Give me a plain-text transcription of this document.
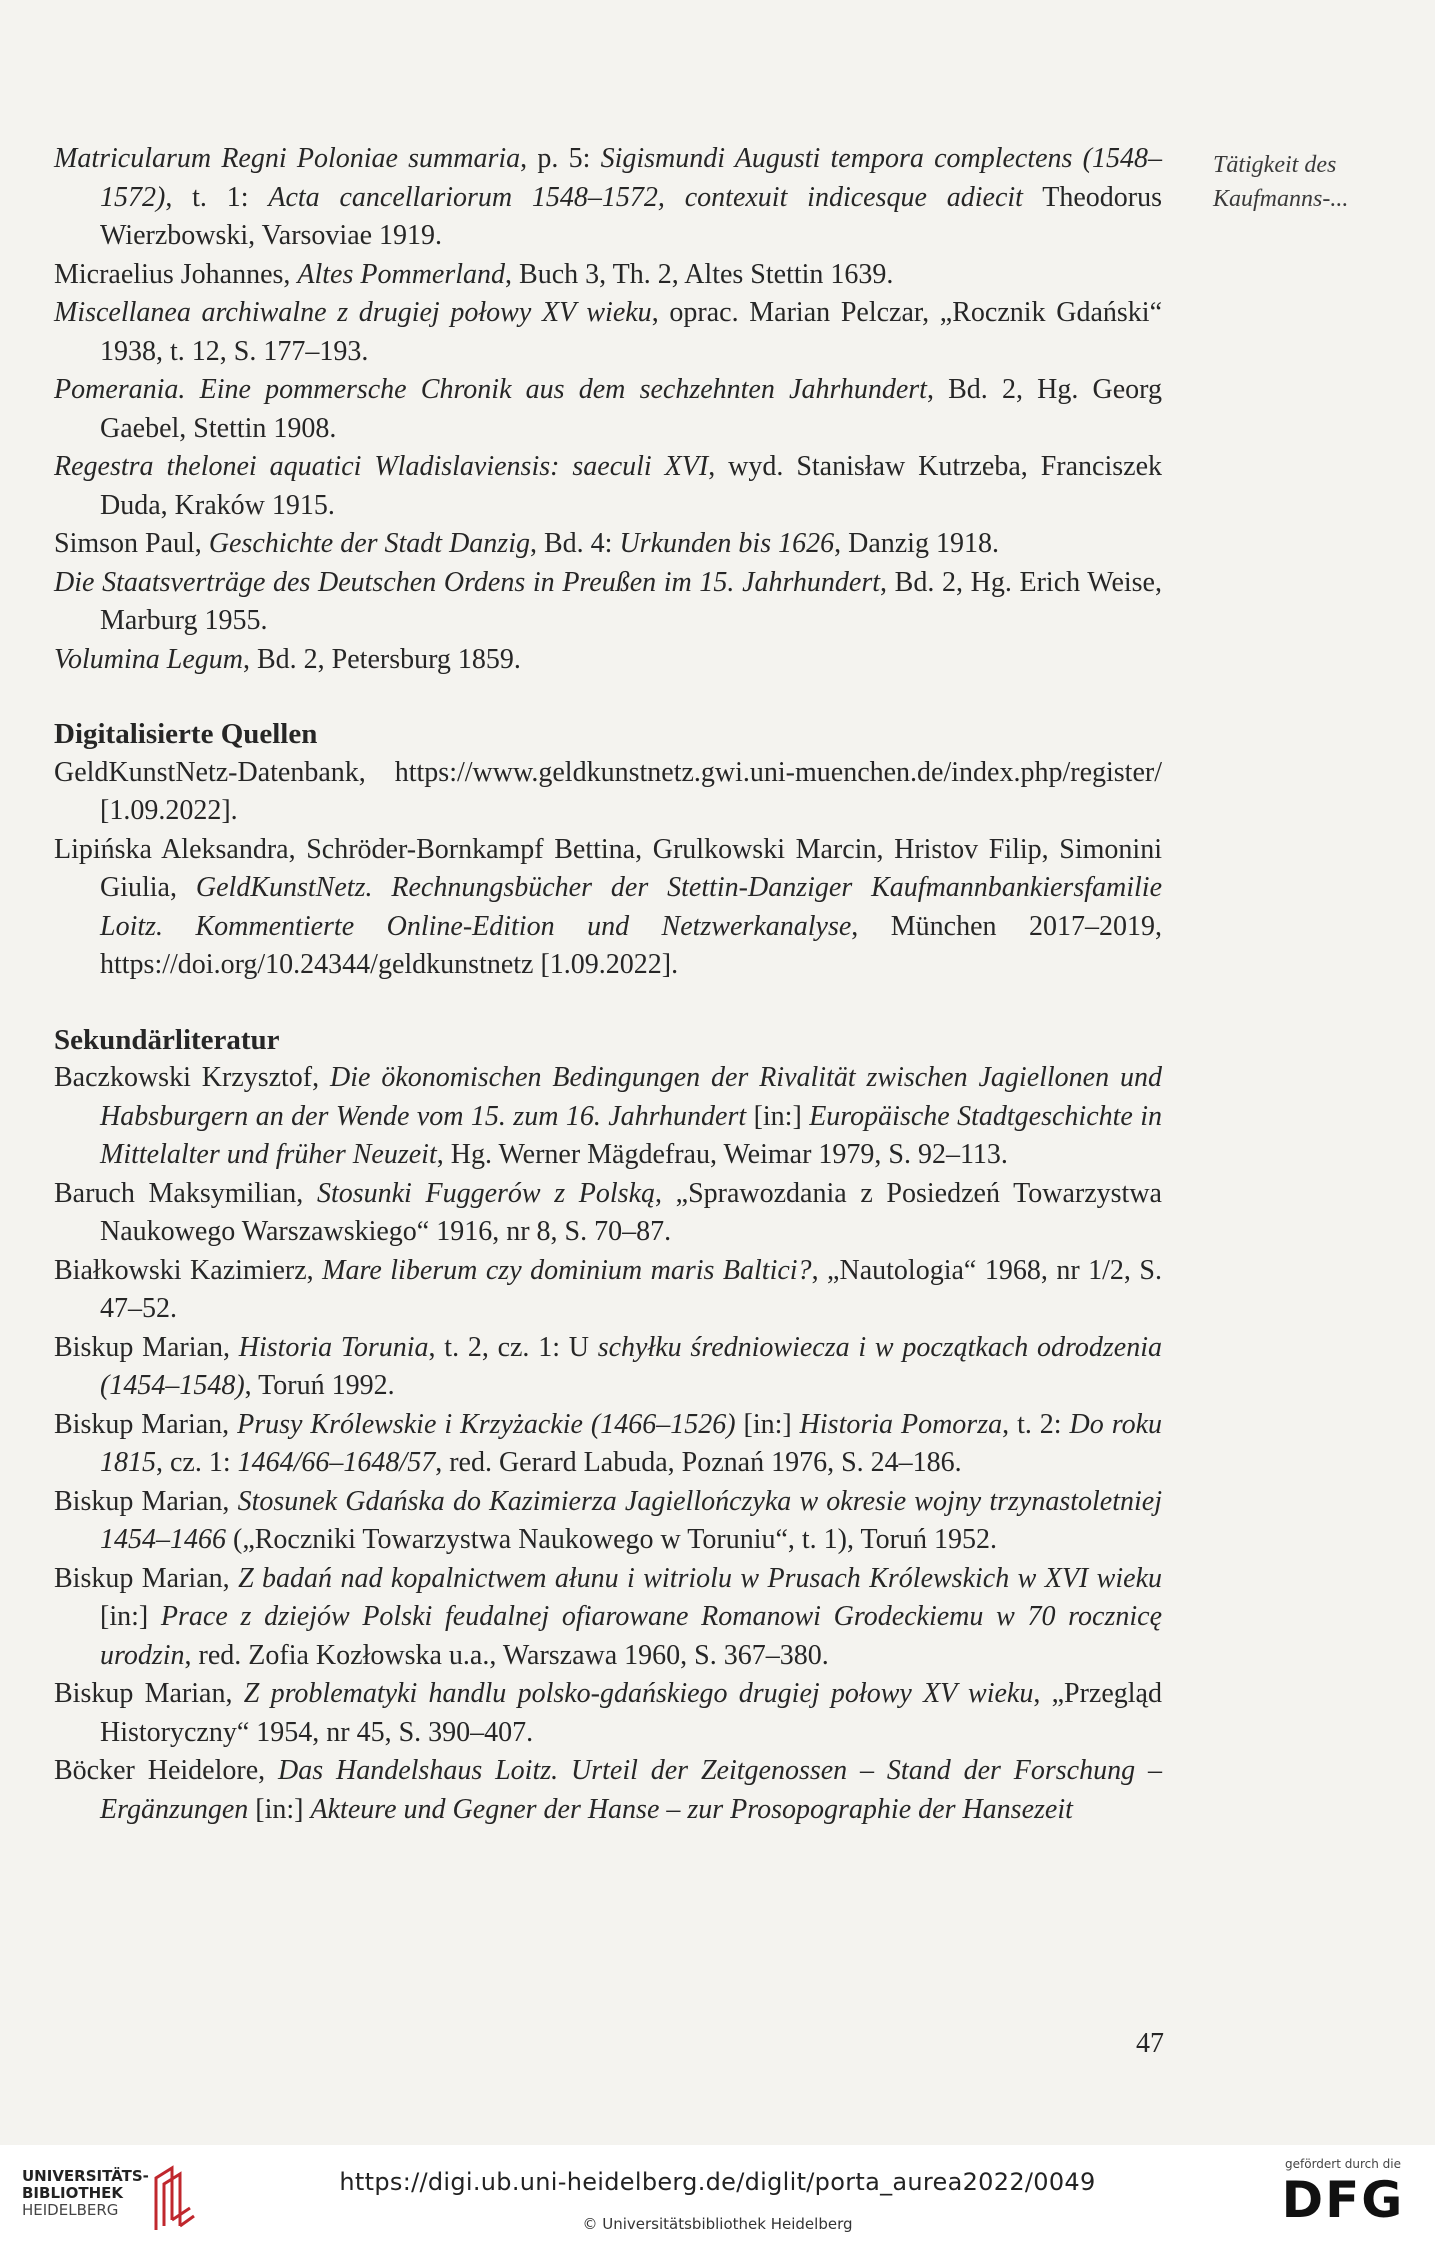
Tätigkeit des Kaufmanns-...

Matricularum Regni Poloniae summaria, p. 5: Sigismundi Augusti tempora complectens (1548–1572), t. 1: Acta cancellariorum 1548–1572, contexuit indicesque adiecit Theodorus Wierzbowski, Varsoviae 1919.

Micraelius Johannes, Altes Pommerland, Buch 3, Th. 2, Altes Stettin 1639.

Miscellanea archiwalne z drugiej połowy XV wieku, oprac. Marian Pelczar, „Rocznik Gdański“ 1938, t. 12, S. 177–193.

Pomerania. Eine pommersche Chronik aus dem sechzehnten Jahrhundert, Bd. 2, Hg. Georg Gaebel, Stettin 1908.

Regestra thelonei aquatici Wladislaviensis: saeculi XVI, wyd. Stanisław Kutrzeba, Franciszek Duda, Kraków 1915.

Simson Paul, Geschichte der Stadt Danzig, Bd. 4: Urkunden bis 1626, Danzig 1918.

Die Staatsverträge des Deutschen Ordens in Preußen im 15. Jahrhundert, Bd. 2, Hg. Erich Weise, Marburg 1955.

Volumina Legum, Bd. 2, Petersburg 1859.

Digitalisierte Quellen

GeldKunstNetz-Datenbank, https://www.geldkunstnetz.gwi.uni-muenchen.de/index.php/register/ [1.09.2022].

Lipińska Aleksandra, Schröder-Bornkampf Bettina, Grulkowski Marcin, Hristov Filip, Simonini Giulia, GeldKunstNetz. Rechnungsbücher der Stettin-Danziger Kaufmannbankiersfamilie Loitz. Kommentierte Online-Edition und Netzwerkanalyse, München 2017–2019, https://doi.org/10.24344/geldkunstnetz [1.09.2022].

Sekundärliteratur

Baczkowski Krzysztof, Die ökonomischen Bedingungen der Rivalität zwischen Jagiellonen und Habsburgern an der Wende vom 15. zum 16. Jahrhundert [in:] Europäische Stadtgeschichte in Mittelalter und früher Neuzeit, Hg. Werner Mägdefrau, Weimar 1979, S. 92–113.

Baruch Maksymilian, Stosunki Fuggerów z Polską, „Sprawozdania z Posiedzeń Towarzystwa Naukowego Warszawskiego“ 1916, nr 8, S. 70–87.

Białkowski Kazimierz, Mare liberum czy dominium maris Baltici?, „Nautologia“ 1968, nr 1/2, S. 47–52.

Biskup Marian, Historia Torunia, t. 2, cz. 1: U schyłku średniowiecza i w początkach odrodzenia (1454–1548), Toruń 1992.

Biskup Marian, Prusy Królewskie i Krzyżackie (1466–1526) [in:] Historia Pomorza, t. 2: Do roku 1815, cz. 1: 1464/66–1648/57, red. Gerard Labuda, Poznań 1976, S. 24–186.

Biskup Marian, Stosunek Gdańska do Kazimierza Jagiellończyka w okresie wojny trzynastoletniej 1454–1466 („Roczniki Towarzystwa Naukowego w Toruniu“, t. 1), Toruń 1952.

Biskup Marian, Z badań nad kopalnictwem ałunu i witriolu w Prusach Królewskich w XVI wieku [in:] Prace z dziejów Polski feudalnej ofiarowane Romanowi Grodeckiemu w 70 rocznicę urodzin, red. Zofia Kozłowska u.a., Warszawa 1960, S. 367–380.

Biskup Marian, Z problematyki handlu polsko-gdańskiego drugiej połowy XV wieku, „Przegląd Historyczny“ 1954, nr 45, S. 390–407.

Böcker Heidelore, Das Handelshaus Loitz. Urteil der Zeitgenossen – Stand der Forschung – Ergänzungen [in:] Akteure und Gegner der Hanse – zur Prosopographie der Hansezeit

47
UNIVERSITÄTS-
BIBLIOTHEK
HEIDELBERG
https://digi.ub.uni-heidelberg.de/diglit/porta_aurea2022/0049
© Universitätsbibliothek Heidelberg
gefördert durch die
DFG
